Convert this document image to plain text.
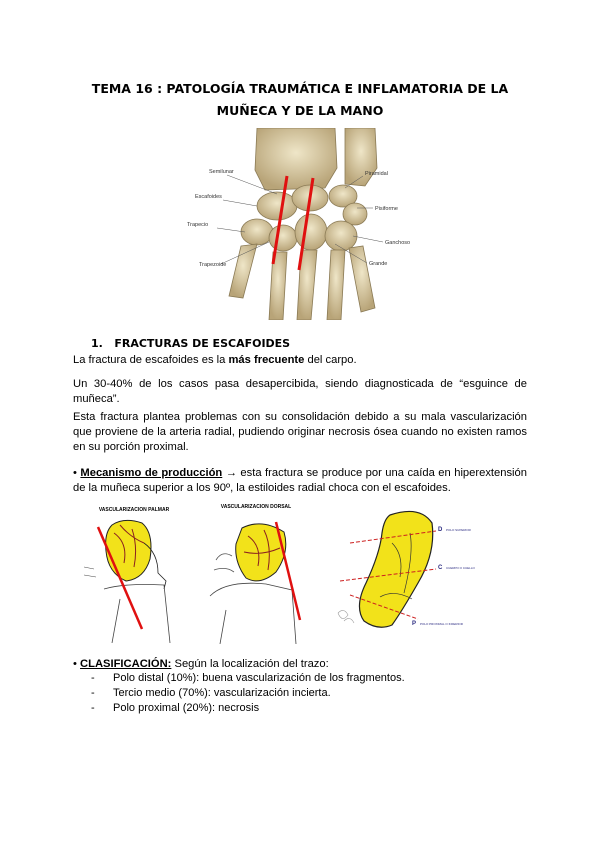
TEMA 16 : PATOLOGÍA TRAUMÁTICA E INFLAMATORIA DE LA
MUÑECA Y DE LA MANO
Semilunar
Escafoides
Trapecio
Trapezoide
Piramidal
Pisiforme
Ganchoso
Grande
1. FRACTURAS DE ESCAFOIDES
La fractura de escafoides es la más frecuente del carpo.
Un 30-40% de los casos pasa desapercibida, siendo diagnosticada de “esguince de muñeca”.
Esta fractura plantea problemas con su consolidación debido a su mala vascularización que proviene de la arteria radial, pudiendo originar necrosis ósea cuando no existen ramos en su porción proximal.
• Mecanismo de producción → esta fractura se produce por una caída en hiperextensión de la muñeca superior a los 90º, la estiloides radial choca con el escafoides.
VASCULARIZACION PALMAR	VASCULARIZACION DORSAL
D POLO SUPERIOR
C CUERPO O CUELLO
P POLO PROXIMAL O INFERIOR
• CLASIFICACIÓN: Según la localización del trazo:
- Polo distal (10%): buena vascularización de los fragmentos.
- Tercio medio (70%): vascularización incierta.
- Polo proximal (20%): necrosis
